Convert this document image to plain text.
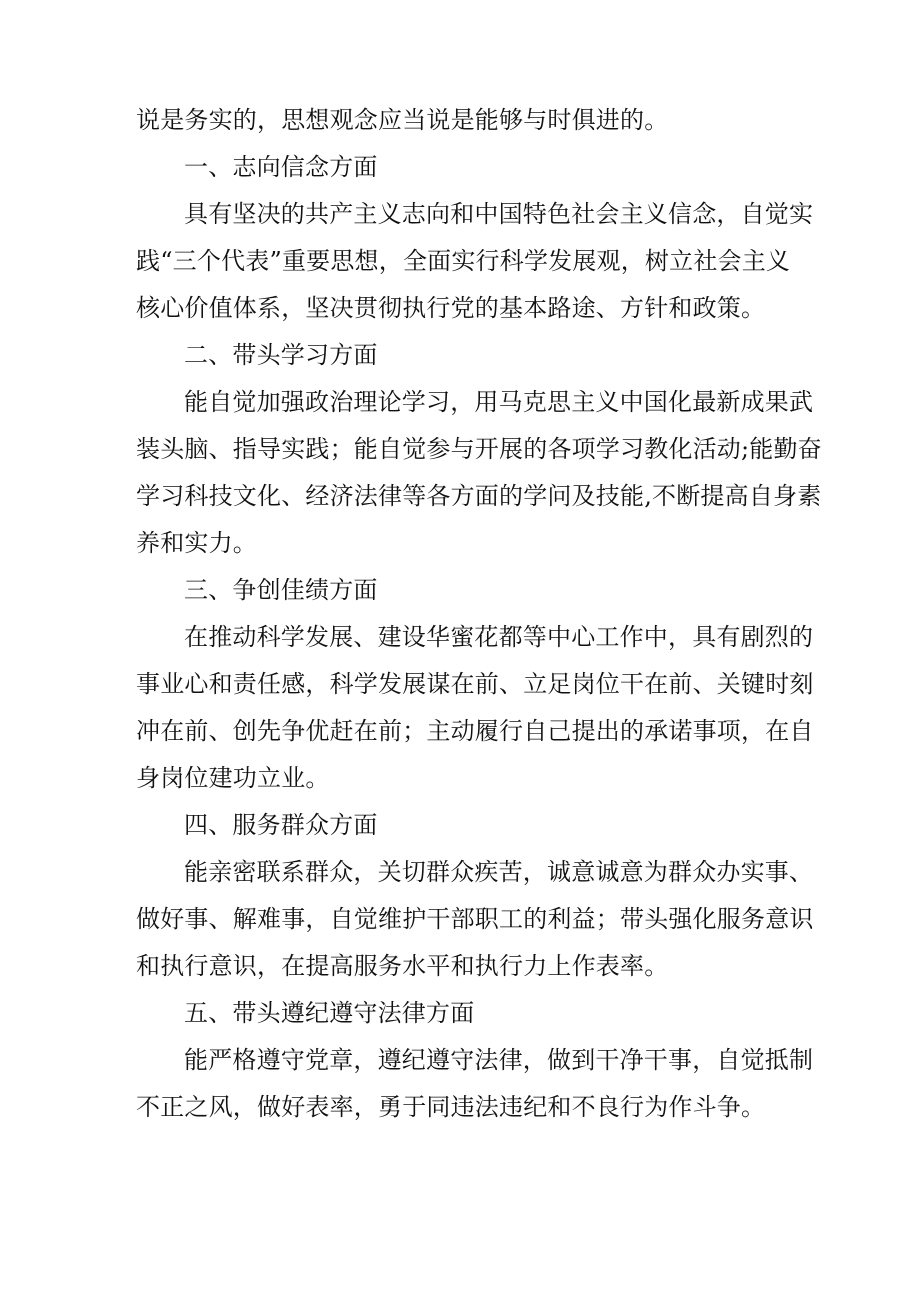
说是务实的，思想观念应当说是能够与时俱进的。
一、志向信念方面
具有坚决的共产主义志向和中国特色社会主义信念，自觉实
践“三个代表”重要思想，全面实行科学发展观，树立社会主义
核心价值体系，坚决贯彻执行党的基本路途、方针和政策。
二、带头学习方面
能自觉加强政治理论学习，用马克思主义中国化最新成果武
装头脑、指导实践；能自觉参与开展的各项学习教化活动;能勤奋
学习科技文化、经济法律等各方面的学问及技能,不断提高自身素
养和实力。
三、争创佳绩方面
在推动科学发展、建设华蜜花都等中心工作中，具有剧烈的
事业心和责任感，科学发展谋在前、立足岗位干在前、关键时刻
冲在前、创先争优赶在前；主动履行自己提出的承诺事项，在自
身岗位建功立业。
四、服务群众方面
能亲密联系群众，关切群众疾苦，诚意诚意为群众办实事、
做好事、解难事，自觉维护干部职工的利益；带头强化服务意识
和执行意识，在提高服务水平和执行力上作表率。
五、带头遵纪遵守法律方面
能严格遵守党章，遵纪遵守法律，做到干净干事，自觉抵制
不正之风，做好表率，勇于同违法违纪和不良行为作斗争。
